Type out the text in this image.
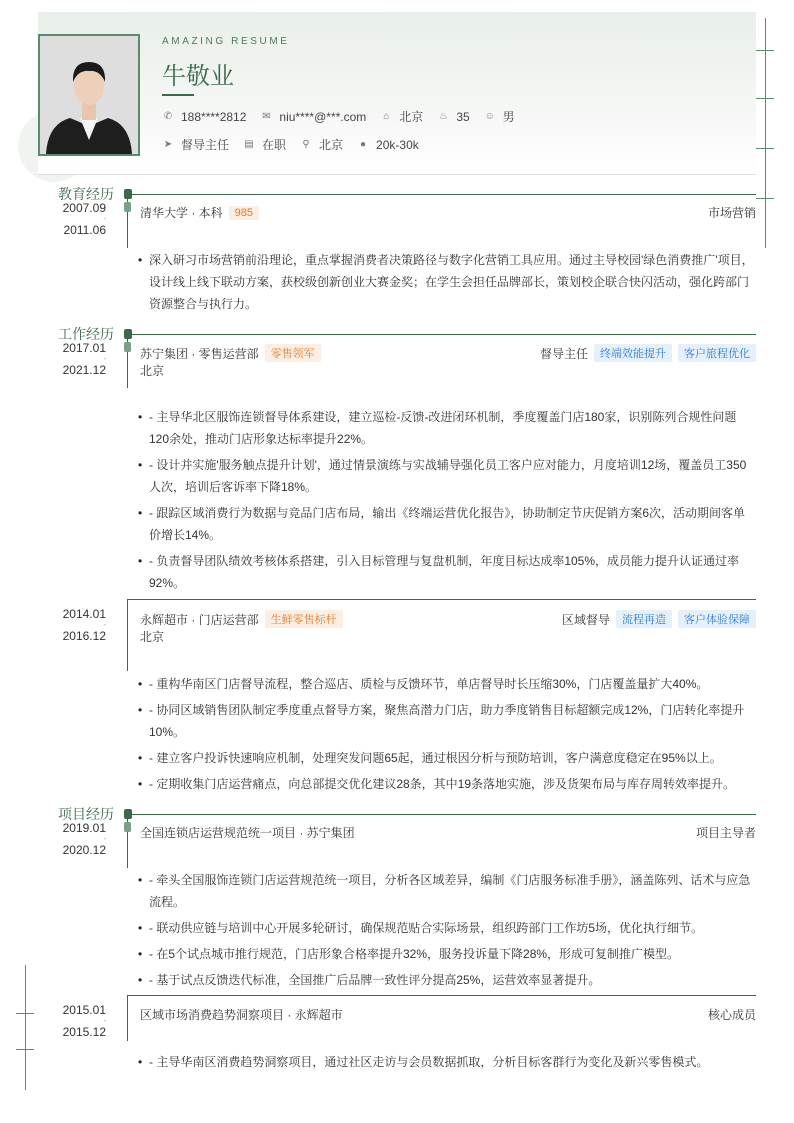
AMAZING RESUME
牛敬业
✆ 188****2812 ✉ niu****@***.com ⌂ 北京 ♨ 35 ☺ 男
➤ 督导主任 ▤ 在职 ⚲ 北京 ● 20k-30k
教育经历
2007.09
-
2011.06
清华大学 · 本科	985	市场营销
• 深入研习市场营销前沿理论，重点掌握消费者决策路径与数字化营销工具应用。通过主导校园'绿色消费推广'项目，设计线上线下联动方案，获校级创新创业大赛金奖；在学生会担任品牌部长，策划校企联合快闪活动，强化跨部门资源整合与执行力。
工作经历
2017.01
-
2021.12
苏宁集团 · 零售运营部	零售领军	督导主任	终端效能提升	客户旅程优化
北京
• - 主导华北区服饰连锁督导体系建设，建立巡检-反馈-改进闭环机制，季度覆盖门店180家，识别陈列合规性问题120余处，推动门店形象达标率提升22%。
• - 设计并实施'服务触点提升计划'，通过情景演练与实战辅导强化员工客户应对能力，月度培训12场，覆盖员工350人次，培训后客诉率下降18%。
• - 跟踪区域消费行为数据与竞品门店布局，输出《终端运营优化报告》，协助制定节庆促销方案6次，活动期间客单价增长14%。
• - 负责督导团队绩效考核体系搭建，引入目标管理与复盘机制，年度目标达成率105%，成员能力提升认证通过率92%。
2014.01
-
2016.12
永辉超市 · 门店运营部	生鲜零售标杆	区域督导	流程再造	客户体验保障
北京
• - 重构华南区门店督导流程，整合巡店、质检与反馈环节，单店督导时长压缩30%，门店覆盖量扩大40%。
• - 协同区域销售团队制定季度重点督导方案，聚焦高潜力门店，助力季度销售目标超额完成12%，门店转化率提升10%。
• - 建立客户投诉快速响应机制，处理突发问题65起，通过根因分析与预防培训，客户满意度稳定在95%以上。
• - 定期收集门店运营痛点，向总部提交优化建议28条，其中19条落地实施，涉及货架布局与库存周转效率提升。
项目经历
2019.01
-
2020.12
全国连锁店运营规范统一项目 · 苏宁集团	项目主导者
• - 牵头全国服饰连锁门店运营规范统一项目，分析各区域差异，编制《门店服务标准手册》，涵盖陈列、话术与应急流程。
• - 联动供应链与培训中心开展多轮研讨，确保规范贴合实际场景，组织跨部门工作坊5场，优化执行细节。
• - 在5个试点城市推行规范，门店形象合格率提升32%，服务投诉量下降28%，形成可复制推广模型。
• - 基于试点反馈迭代标准，全国推广后品牌一致性评分提高25%，运营效率显著提升。
2015.01
-
2015.12
区域市场消费趋势洞察项目 · 永辉超市	核心成员
• - 主导华南区消费趋势洞察项目，通过社区走访与会员数据抓取，分析目标客群行为变化及新兴零售模式。
